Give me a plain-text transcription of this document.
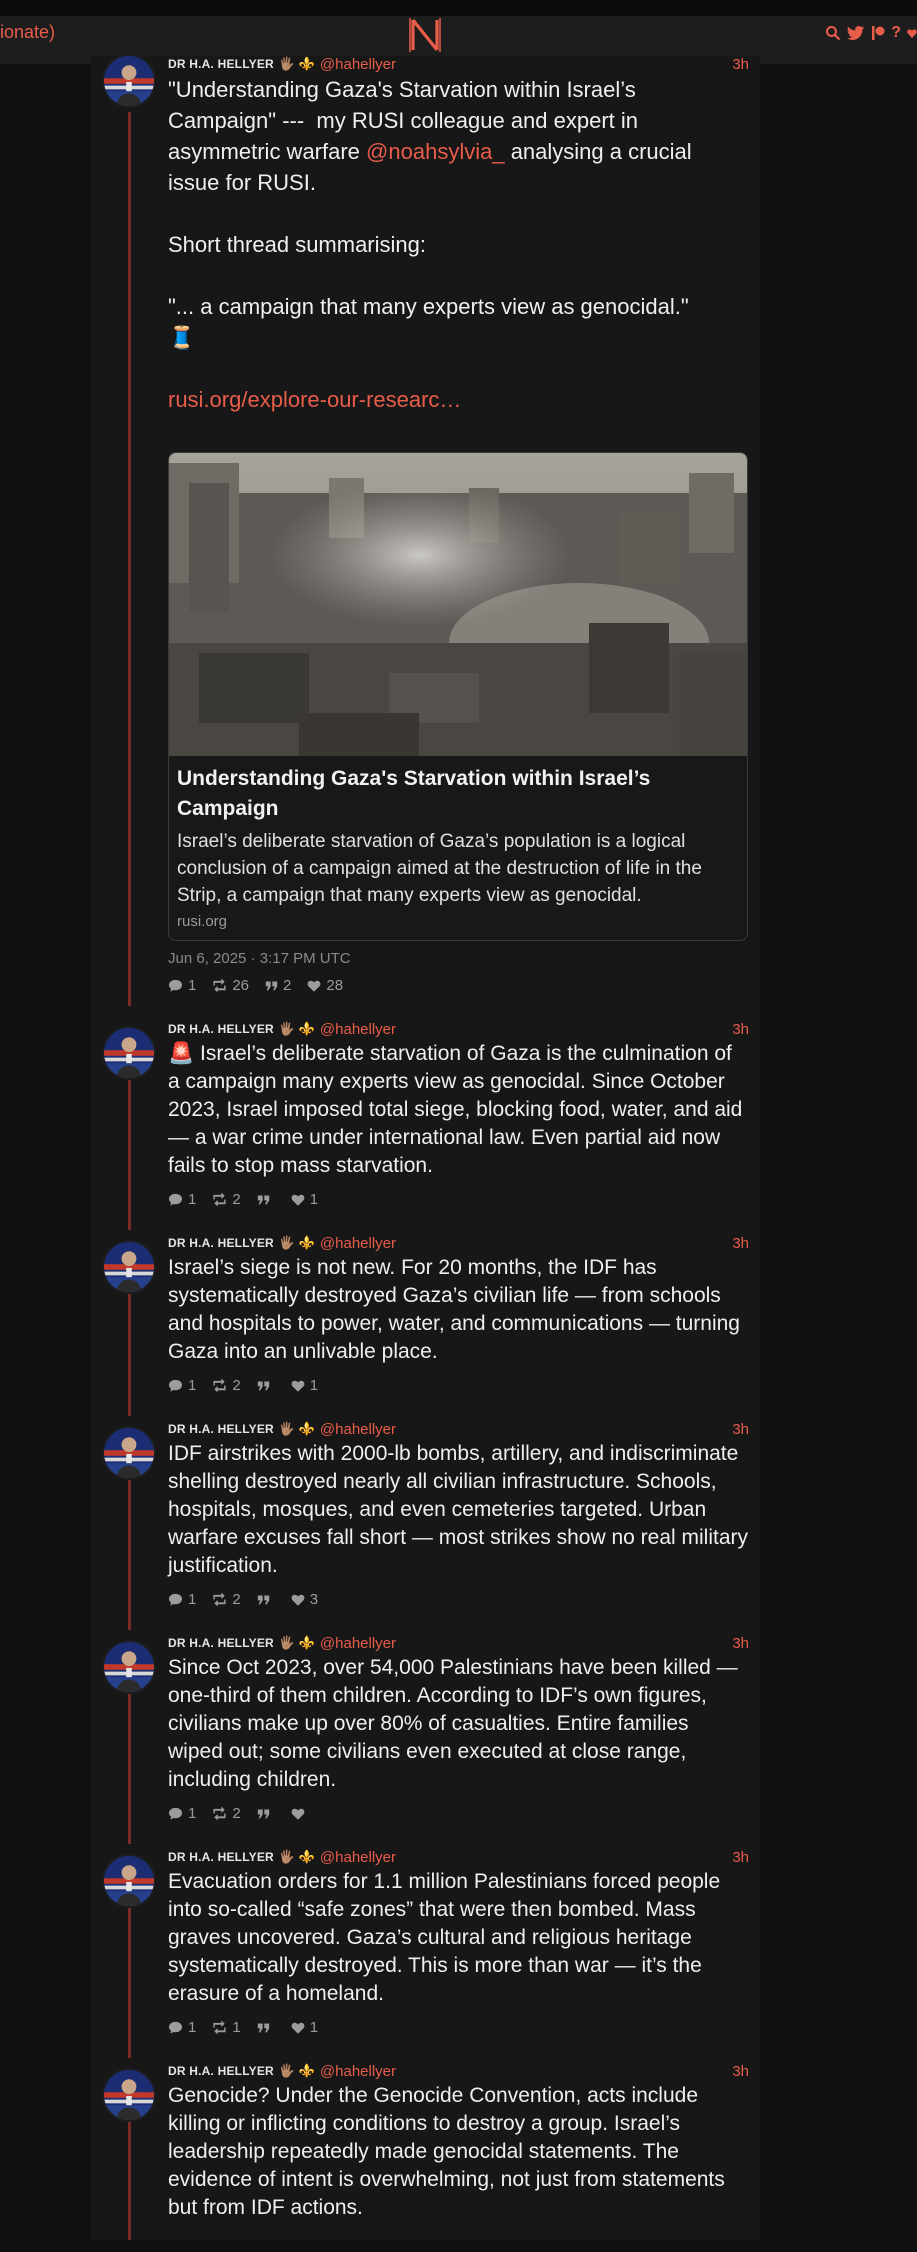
ionate)	?
DR H.A. HELLYER 🖐🏽 ⚜️ @hahellyer	3h
"Understanding Gaza's Starvation within Israel’s Campaign" ---  my RUSI colleague and expert in asymmetric warfare @noahsylvia_ analysing a crucial issue for RUSI.

Short thread summarising:

"... a campaign that many experts view as genocidal."
🧵

rusi.org/explore-our-researc…
Understanding Gaza's Starvation within Israel’s Campaign
Israel’s deliberate starvation of Gaza’s population is a logical conclusion of a campaign aimed at the destruction of life in the Strip, a campaign that many experts view as genocidal.
rusi.org
Jun 6, 2025 · 3:17 PM UTC
1 26 2 28
DR H.A. HELLYER 🖐🏽 ⚜️ @hahellyer	3h
🚨 Israel’s deliberate starvation of Gaza is the culmination of a campaign many experts view as genocidal. Since October 2023, Israel imposed total siege, blocking food, water, and aid — a war crime under international law. Even partial aid now fails to stop mass starvation.
1 2	1
DR H.A. HELLYER 🖐🏽 ⚜️ @hahellyer	3h
Israel’s siege is not new. For 20 months, the IDF has systematically destroyed Gaza’s civilian life — from schools and hospitals to power, water, and communications — turning Gaza into an unlivable place.
1 2	1
DR H.A. HELLYER 🖐🏽 ⚜️ @hahellyer	3h
IDF airstrikes with 2000-lb bombs, artillery, and indiscriminate shelling destroyed nearly all civilian infrastructure. Schools, hospitals, mosques, and even cemeteries targeted. Urban warfare excuses fall short — most strikes show no real military justification.
1 2	3
DR H.A. HELLYER 🖐🏽 ⚜️ @hahellyer	3h
Since Oct 2023, over 54,000 Palestinians have been killed — one-third of them children. According to IDF’s own figures, civilians make up over 80% of casualties. Entire families wiped out; some civilians even executed at close range, including children.
1 2
DR H.A. HELLYER 🖐🏽 ⚜️ @hahellyer	3h
Evacuation orders for 1.1 million Palestinians forced people into so-called “safe zones” that were then bombed. Mass graves uncovered. Gaza’s cultural and religious heritage systematically destroyed. This is more than war — it’s the erasure of a homeland.
1 1	1
DR H.A. HELLYER 🖐🏽 ⚜️ @hahellyer	3h
Genocide? Under the Genocide Convention, acts include killing or inflicting conditions to destroy a group. Israel’s leadership repeatedly made genocidal statements. The evidence of intent is overwhelming, not just from statements but from IDF actions.
